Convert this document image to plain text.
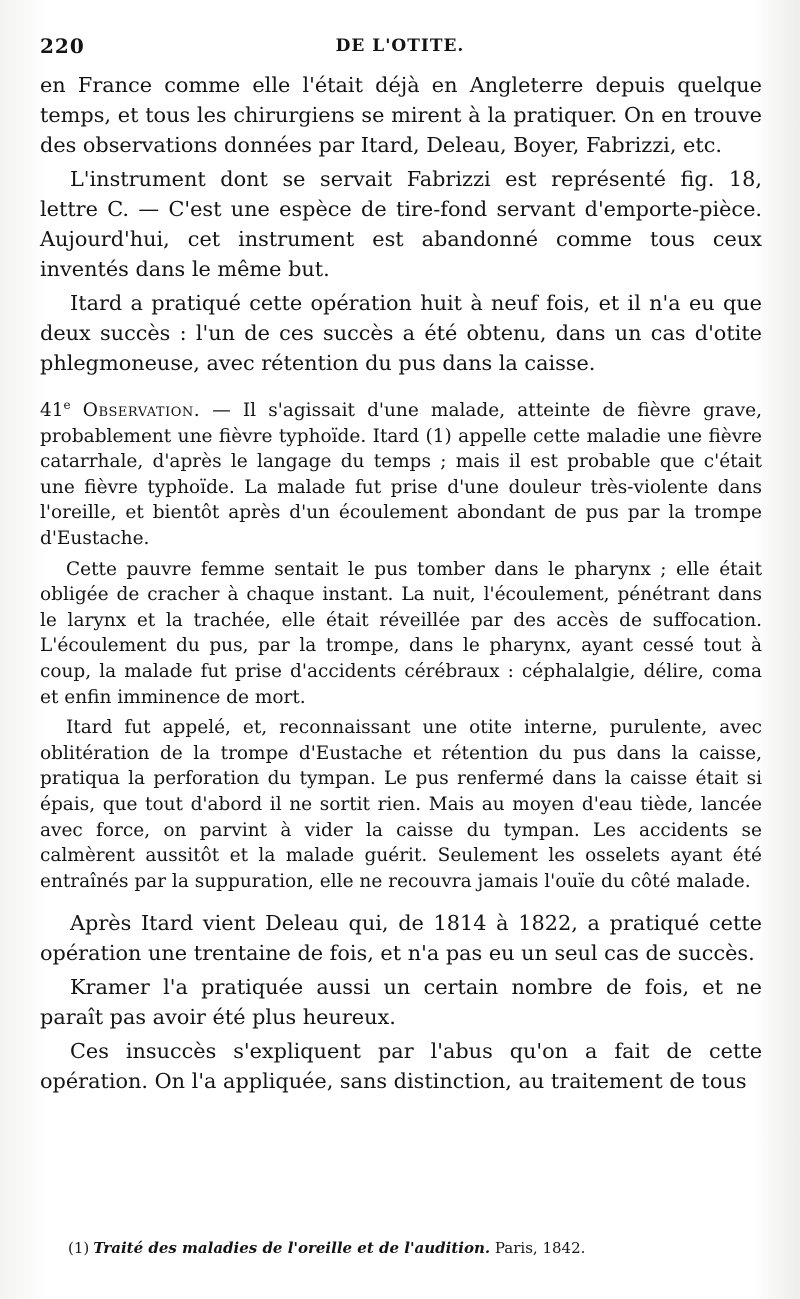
220	DE L'OTITE.

en France comme elle l'était déjà en Angleterre depuis quelque temps, et tous les chirurgiens se mirent à la pratiquer. On en trouve des observations données par Itard, Deleau, Boyer, Fabrizzi, etc.

L'instrument dont se servait Fabrizzi est représenté fig. 18, lettre C. — C'est une espèce de tire-fond servant d'emporte-pièce. Aujourd'hui, cet instrument est abandonné comme tous ceux inventés dans le même but.

Itard a pratiqué cette opération huit à neuf fois, et il n'a eu que deux succès : l'un de ces succès a été obtenu, dans un cas d'otite phlegmoneuse, avec rétention du pus dans la caisse.

41e Observation. — Il s'agissait d'une malade, atteinte de fièvre grave, probablement une fièvre typhoïde. Itard (1) appelle cette maladie une fièvre catarrhale, d'après le langage du temps ; mais il est probable que c'était une fièvre typhoïde. La malade fut prise d'une douleur très-violente dans l'oreille, et bientôt après d'un écoulement abondant de pus par la trompe d'Eustache.

Cette pauvre femme sentait le pus tomber dans le pharynx ; elle était obligée de cracher à chaque instant. La nuit, l'écoulement, pénétrant dans le larynx et la trachée, elle était réveillée par des accès de suffocation. L'écoulement du pus, par la trompe, dans le pharynx, ayant cessé tout à coup, la malade fut prise d'accidents cérébraux : céphalalgie, délire, coma et enfin imminence de mort.

Itard fut appelé, et, reconnaissant une otite interne, purulente, avec oblitération de la trompe d'Eustache et rétention du pus dans la caisse, pratiqua la perforation du tympan. Le pus renfermé dans la caisse était si épais, que tout d'abord il ne sortit rien. Mais au moyen d'eau tiède, lancée avec force, on parvint à vider la caisse du tympan. Les accidents se calmèrent aussitôt et la malade guérit. Seulement les osselets ayant été entraînés par la suppuration, elle ne recouvra jamais l'ouïe du côté malade.

Après Itard vient Deleau qui, de 1814 à 1822, a pratiqué cette opération une trentaine de fois, et n'a pas eu un seul cas de succès.

Kramer l'a pratiquée aussi un certain nombre de fois, et ne paraît pas avoir été plus heureux.

Ces insuccès s'expliquent par l'abus qu'on a fait de cette opération. On l'a appliquée, sans distinction, au traitement de tous

(1) Traité des maladies de l'oreille et de l'audition. Paris, 1842.
